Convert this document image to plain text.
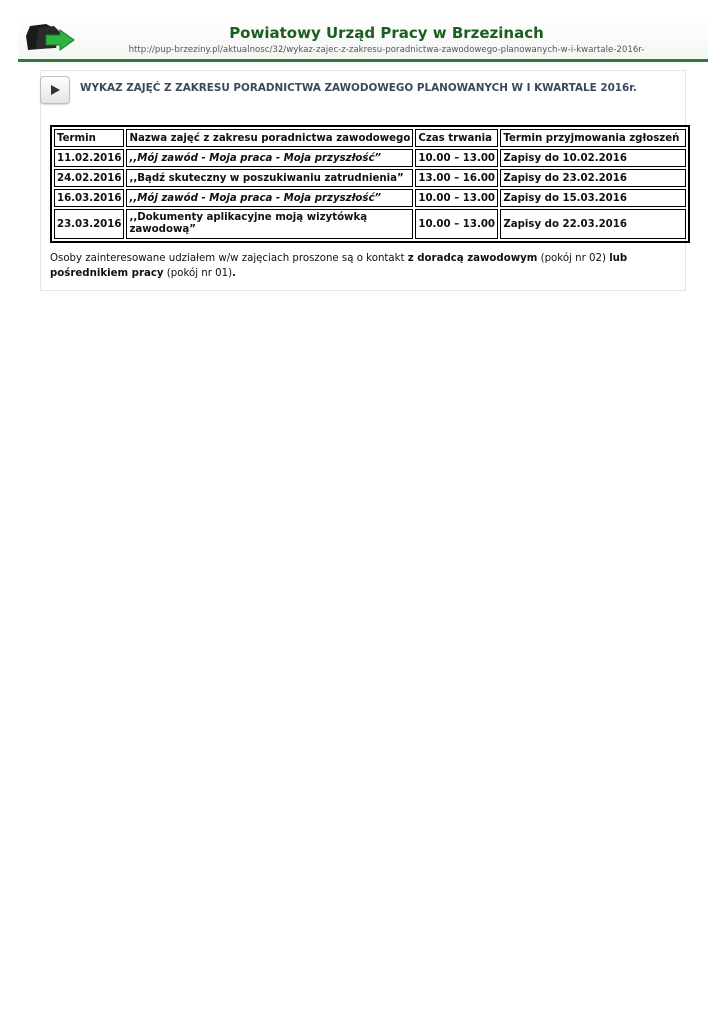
Powiatowy Urząd Pracy w Brzezinach
http://pup-brzeziny.pl/aktualnosc/32/wykaz-zajec-z-zakresu-poradnictwa-zawodowego-planowanych-w-i-kwartale-2016r-
WYKAZ ZAJĘĆ Z ZAKRESU PORADNICTWA ZAWODOWEGO PLANOWANYCH W I KWARTALE 2016r.
Termin	Nazwa zajęć z zakresu poradnictwa zawodowego	Czas trwania	Termin przyjmowania zgłoszeń
11.02.2016	,,Mój zawód - Moja praca - Moja przyszłość”	10.00 – 13.00	Zapisy do 10.02.2016
24.02.2016	,,Bądź skuteczny w poszukiwaniu zatrudnienia”	13.00 – 16.00	Zapisy do 23.02.2016
16.03.2016	,,Mój zawód - Moja praca - Moja przyszłość”	10.00 – 13.00	Zapisy do 15.03.2016
23.03.2016	,,Dokumenty aplikacyjne moją wizytówką zawodową”	10.00 – 13.00	Zapisy do 22.03.2016
Osoby zainteresowane udziałem w/w zajęciach proszone są o kontakt z doradcą zawodowym (pokój nr 02) lub pośrednikiem pracy (pokój nr 01).
